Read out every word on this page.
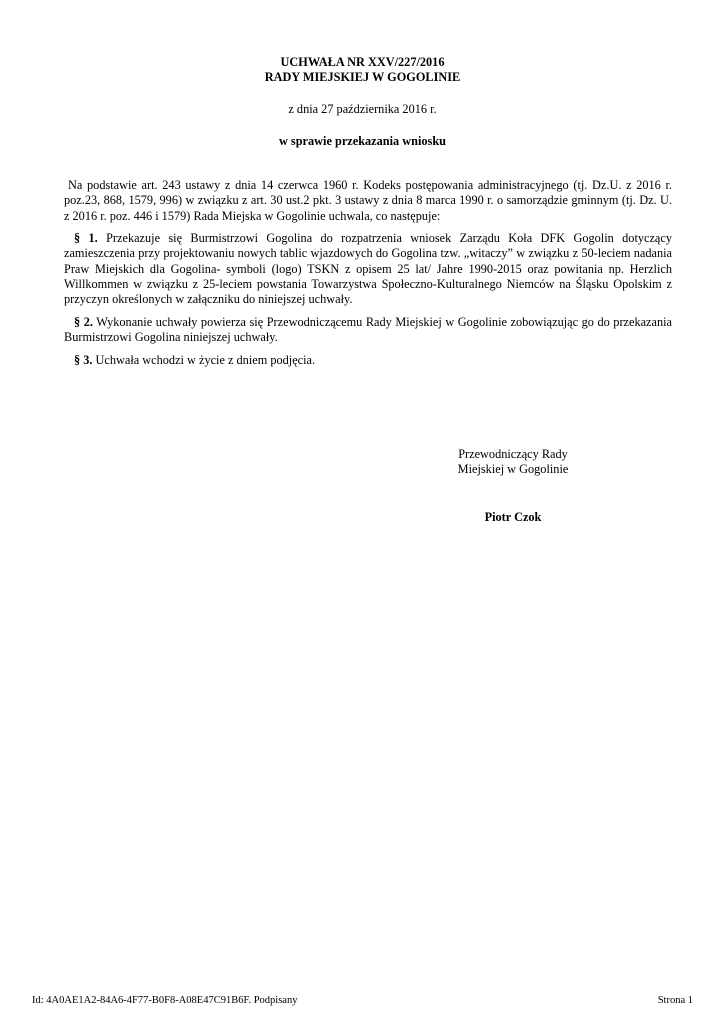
UCHWAŁA NR XXV/227/2016
RADY MIEJSKIEJ W GOGOLINIE
z dnia 27 października 2016 r.
w sprawie przekazania wniosku
Na podstawie art. 243 ustawy z dnia 14 czerwca 1960 r. Kodeks postępowania administracyjnego (tj. Dz.U. z 2016 r. poz.23, 868, 1579, 996) w związku z art. 30 ust.2 pkt. 3 ustawy z dnia 8 marca 1990 r. o samorządzie gminnym (tj. Dz. U. z 2016 r. poz. 446 i 1579) Rada Miejska w Gogolinie uchwala, co następuje:
§ 1. Przekazuje się Burmistrzowi Gogolina do rozpatrzenia wniosek Zarządu Koła DFK Gogolin dotyczący zamieszczenia przy projektowaniu nowych tablic wjazdowych do Gogolina tzw. „witaczy” w związku z 50-leciem nadania Praw Miejskich dla Gogolina- symboli (logo) TSKN z opisem 25 lat/ Jahre 1990-2015 oraz powitania np. Herzlich Willkommen w związku z 25-leciem powstania Towarzystwa Społeczno-Kulturalnego Niemców na Śląsku Opolskim z przyczyn określonych w załączniku do niniejszej uchwały.
§ 2. Wykonanie uchwały powierza się Przewodniczącemu Rady Miejskiej w Gogolinie zobowiązując go do przekazania Burmistrzowi Gogolina niniejszej uchwały.
§ 3. Uchwała wchodzi w życie z dniem podjęcia.
Przewodniczący Rady
Miejskiej w Gogolinie
Piotr Czok
Id: 4A0AE1A2-84A6-4F77-B0F8-A08E47C91B6F. Podpisany	Strona 1
